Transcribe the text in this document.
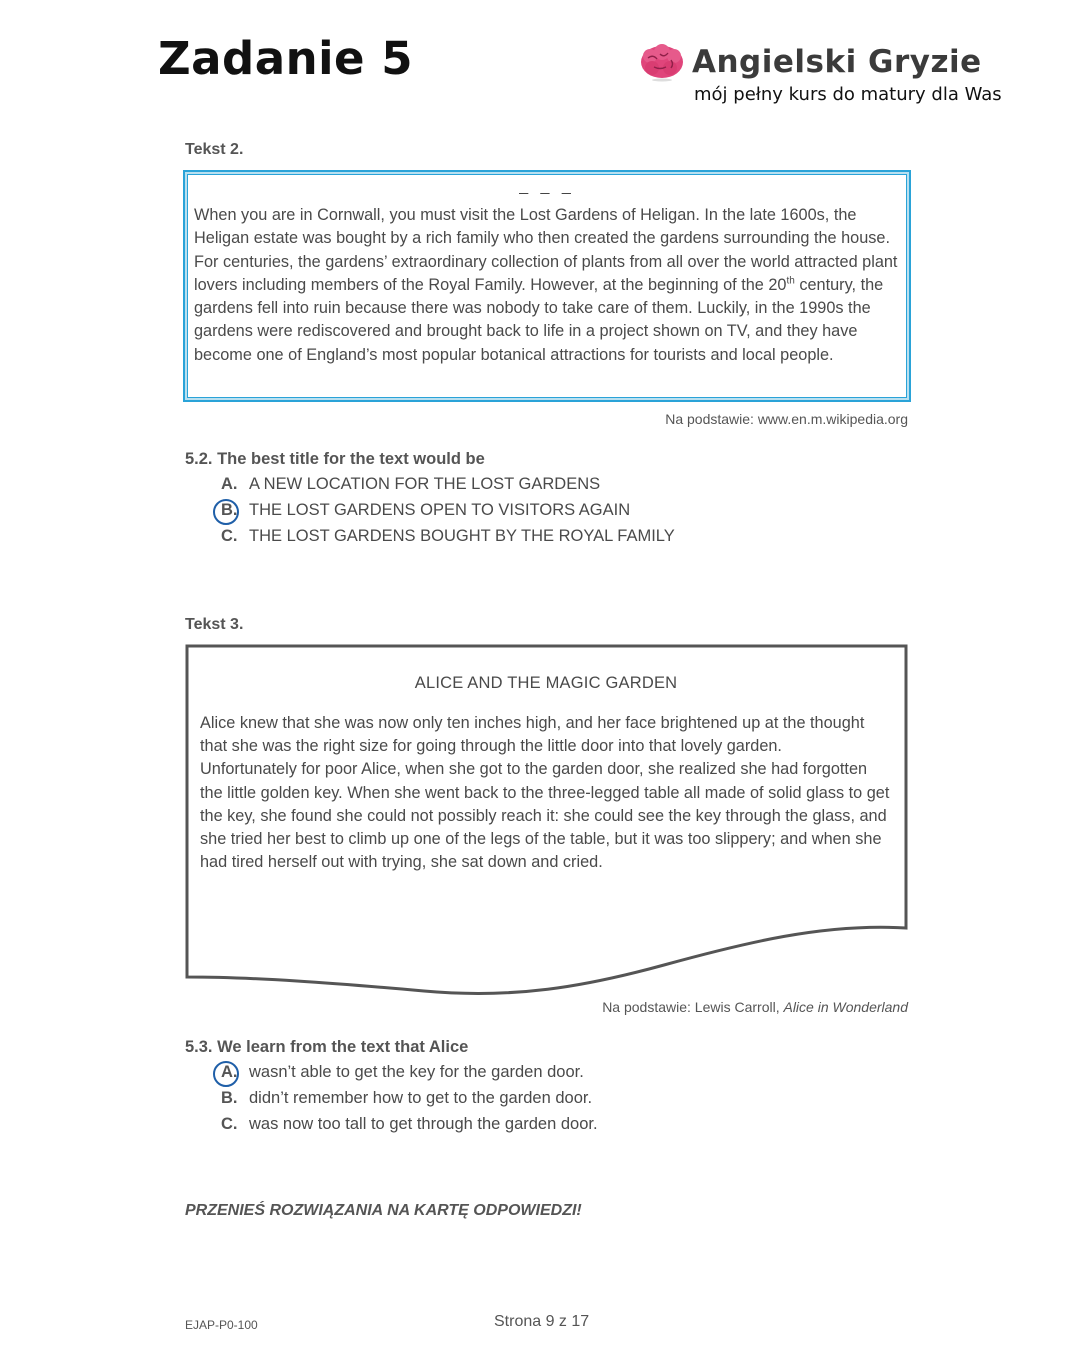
Zadanie 5	Angielski Gryzie
mój pełny kurs do matury dla Was
Tekst 2.
_ _ _
When you are in Cornwall, you must visit the Lost Gardens of Heligan. In the late 1600s, the Heligan estate was bought by a rich family who then created the gardens surrounding the house. For centuries, the gardens’ extraordinary collection of plants from all over the world attracted plant lovers including members of the Royal Family. However, at the beginning of the 20th century, the gardens fell into ruin because there was nobody to take care of them. Luckily, in the 1990s the gardens were rediscovered and brought back to life in a project shown on TV, and they have become one of England’s most popular botanical attractions for tourists and local people.
Na podstawie: www.en.m.wikipedia.org
5.2. The best title for the text would be
A. A NEW LOCATION FOR THE LOST GARDENS
B. THE LOST GARDENS OPEN TO VISITORS AGAIN
C. THE LOST GARDENS BOUGHT BY THE ROYAL FAMILY
Tekst 3.
ALICE AND THE MAGIC GARDEN
Alice knew that she was now only ten inches high, and her face brightened up at the thought that she was the right size for going through the little door into that lovely garden.
Unfortunately for poor Alice, when she got to the garden door, she realized she had forgotten the little golden key. When she went back to the three-legged table all made of solid glass to get the key, she found she could not possibly reach it: she could see the key through the glass, and she tried her best to climb up one of the legs of the table, but it was too slippery; and when she had tired herself out with trying, she sat down and cried.
Na podstawie: Lewis Carroll, Alice in Wonderland
5.3. We learn from the text that Alice
A. wasn’t able to get the key for the garden door.
B. didn’t remember how to get to the garden door.
C. was now too tall to get through the garden door.
PRZENIEŚ ROZWIĄZANIA NA KARTĘ ODPOWIEDZI!
EJAP-P0-100	Strona 9 z 17
